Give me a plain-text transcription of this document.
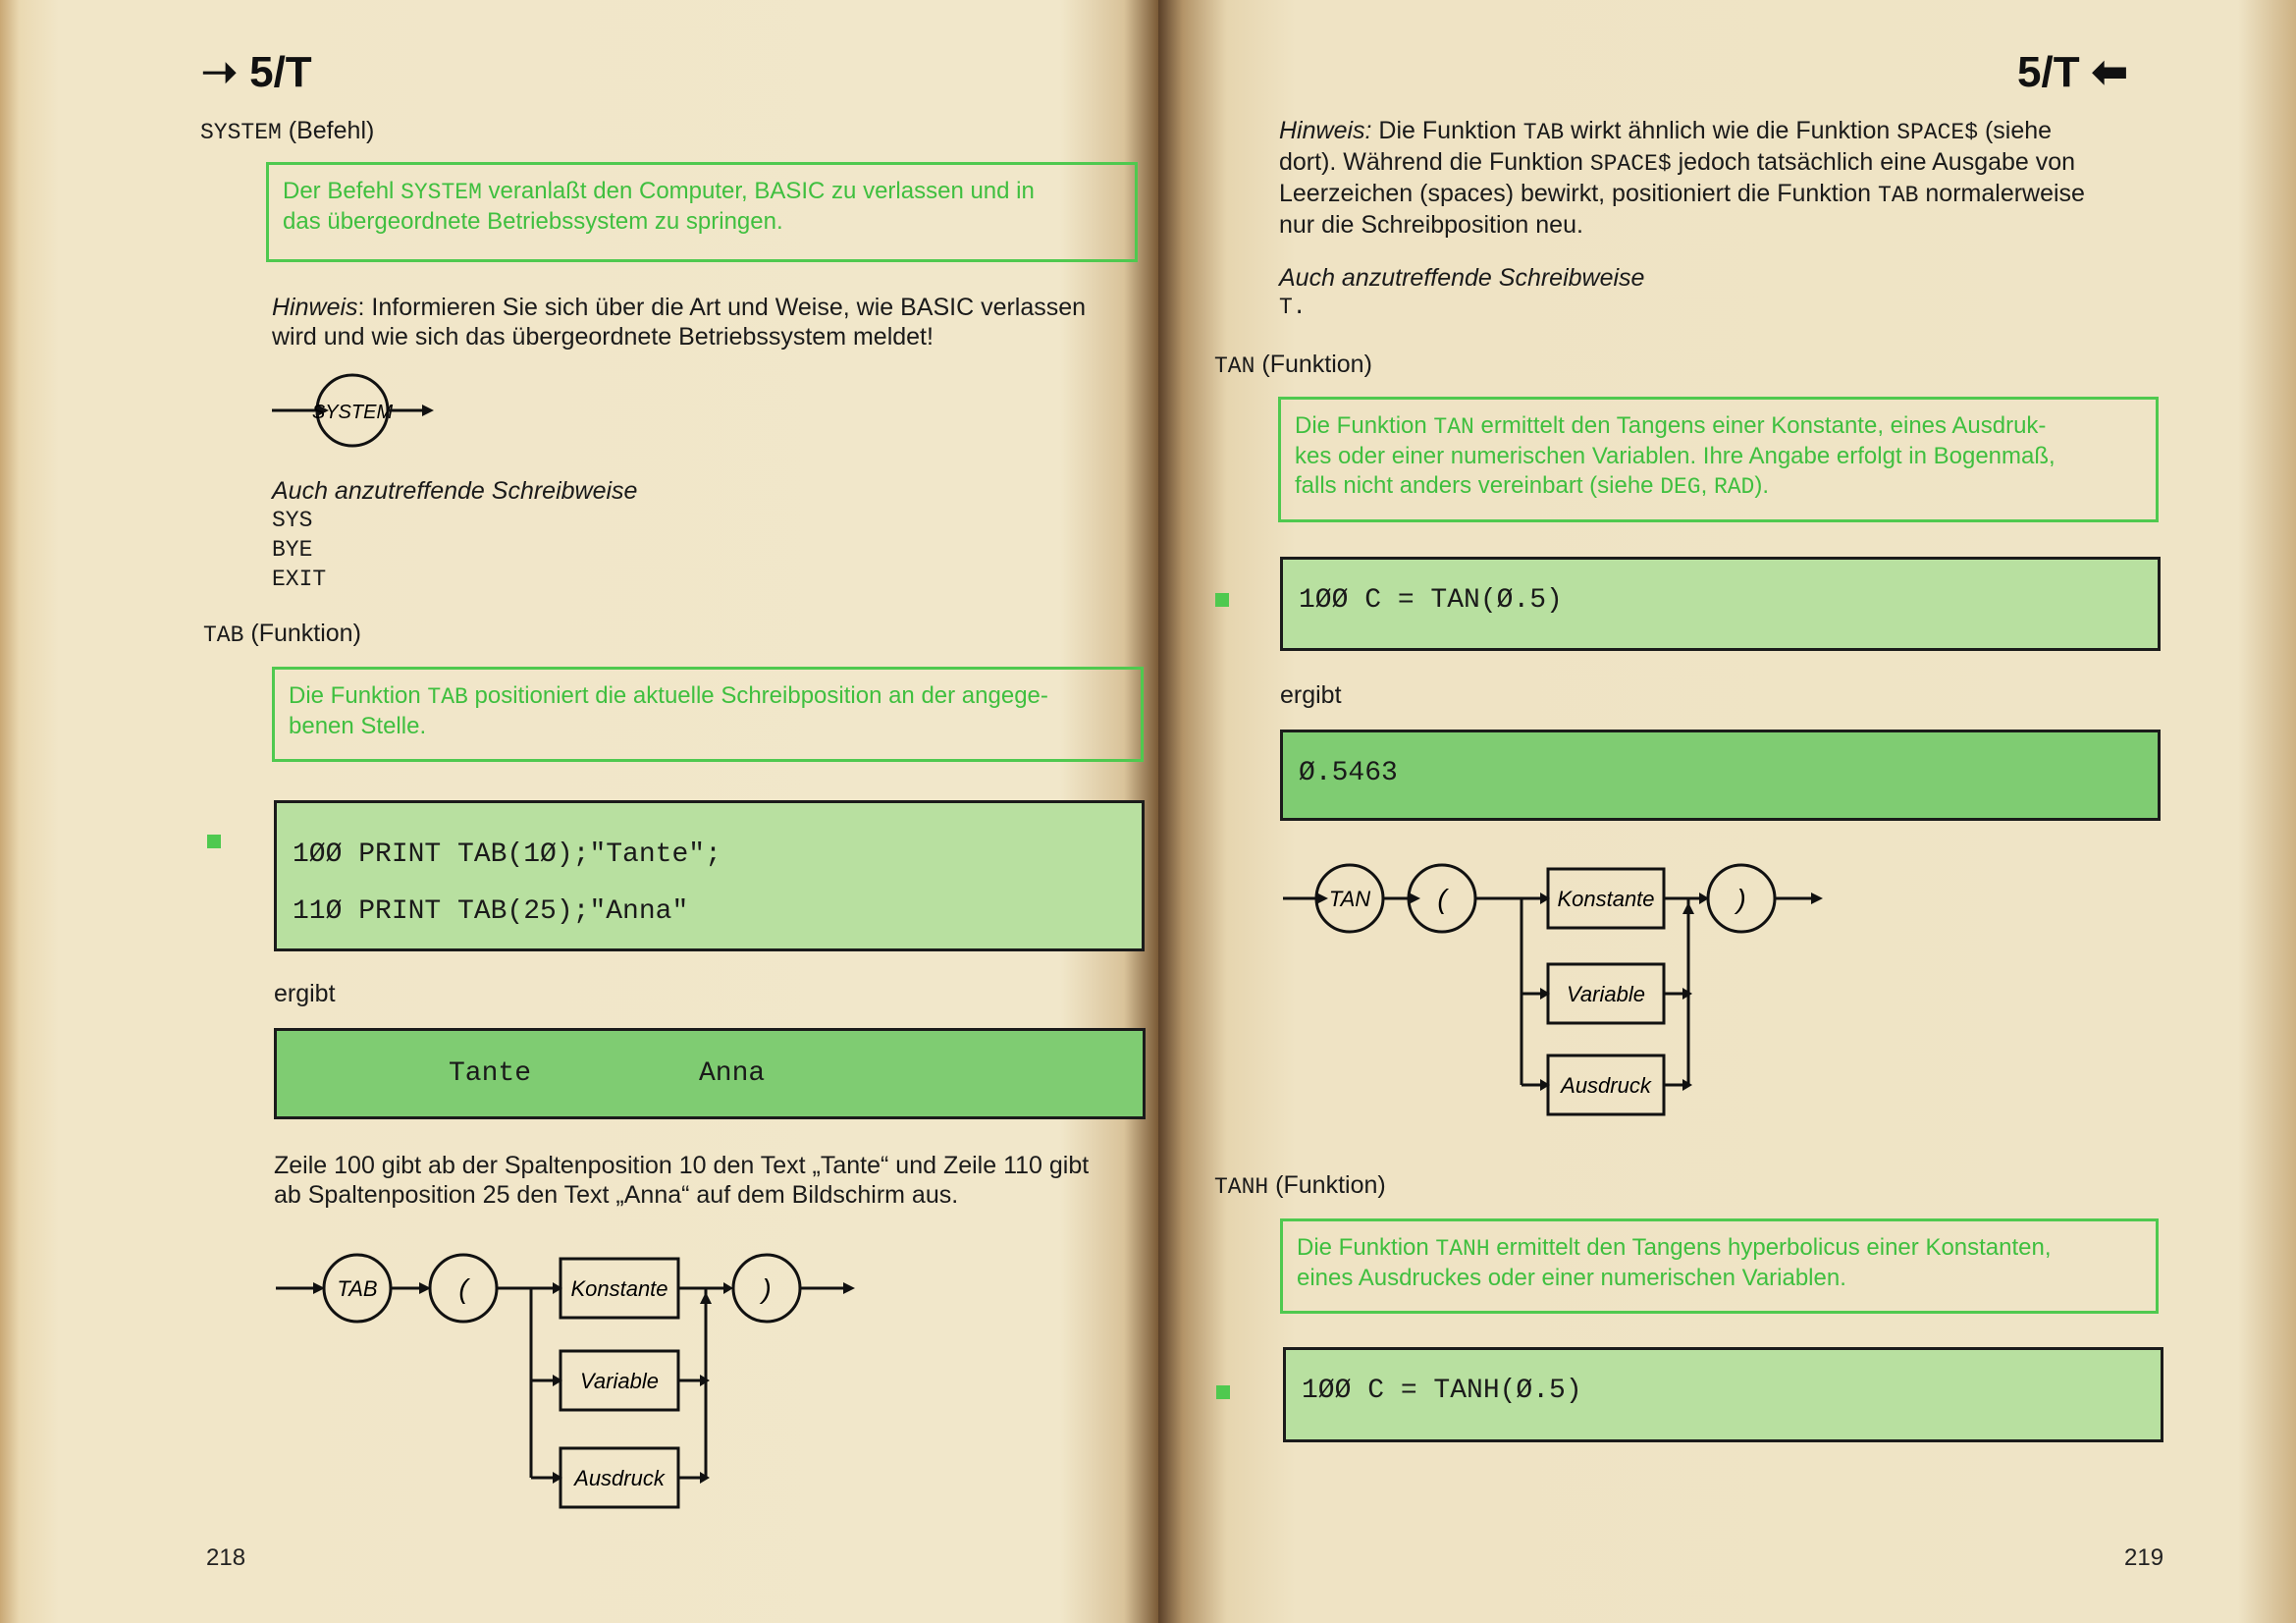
➝ 5/T
SYSTEM (Befehl)
Der Befehl SYSTEM veranlaßt den Computer, BASIC zu verlassen und in
das übergeordnete Betriebssystem zu springen.
Hinweis: Informieren Sie sich über die Art und Weise, wie BASIC verlassen
wird und wie sich das übergeordnete Betriebssystem meldet!
SYSTEM
Auch anzutreffende Schreibweise
SYS
BYE
EXIT
TAB (Funktion)
Die Funktion TAB positioniert die aktuelle Schreibposition an der angege-
benen Stelle.
1ØØ PRINT TAB(1Ø);"Tante";
11Ø PRINT TAB(25);"Anna"
ergibt
Tante	Anna
Zeile 100 gibt ab der Spaltenposition 10 den Text „Tante“ und Zeile 110 gibt
ab Spaltenposition 25 den Text „Anna“ auf dem Bildschirm aus.
TAB	(	Konstante
Variable
Ausdruck
)
218
5/T ⬅
Hinweis: Die Funktion TAB wirkt ähnlich wie die Funktion SPACE$ (siehe
dort). Während die Funktion SPACE$ jedoch tatsächlich eine Ausgabe von
Leerzeichen (spaces) bewirkt, positioniert die Funktion TAB normalerweise
nur die Schreibposition neu.
Auch anzutreffende Schreibweise
T.
TAN (Funktion)
Die Funktion TAN ermittelt den Tangens einer Konstante, eines Ausdruk-
kes oder einer numerischen Variablen. Ihre Angabe erfolgt in Bogenmaß,
falls nicht anders vereinbart (siehe DEG, RAD).
1ØØ C = TAN(Ø.5)
ergibt
Ø.5463
TAN (	Konstante
Variable
Ausdruck
)
TANH (Funktion)
Die Funktion TANH ermittelt den Tangens hyperbolicus einer Konstanten,
eines Ausdruckes oder einer numerischen Variablen.
1ØØ C = TANH(Ø.5)
219
